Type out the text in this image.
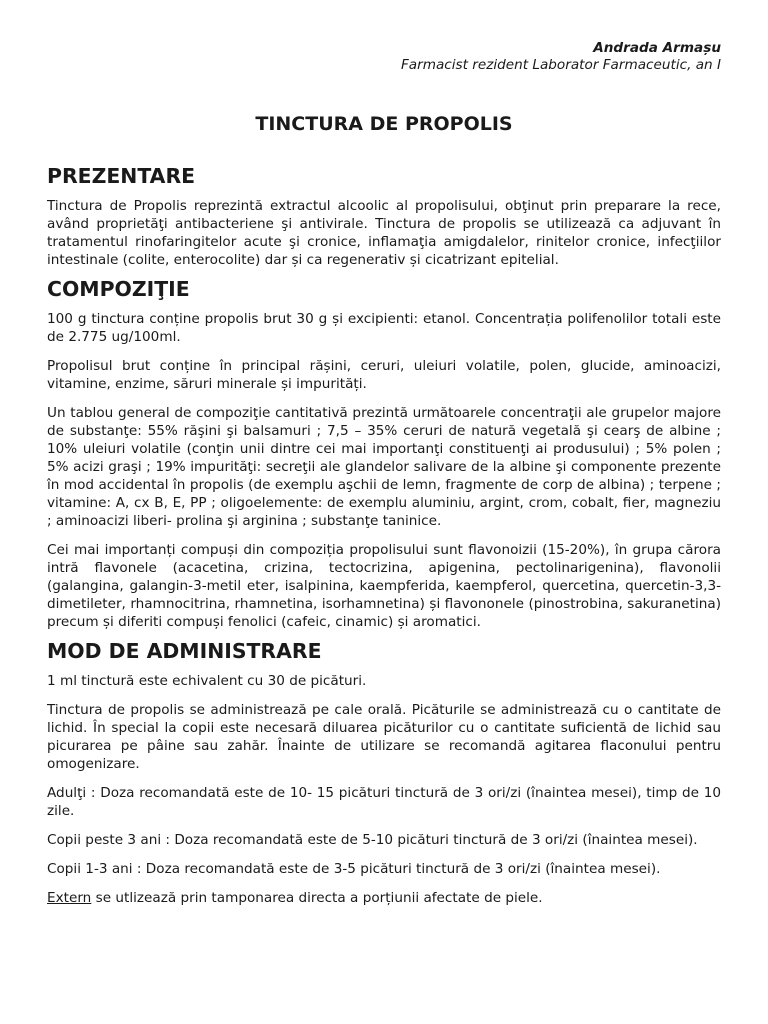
Andrada Armașu
Farmacist rezident Laborator Farmaceutic, an I
TINCTURA DE PROPOLIS
PREZENTARE

Tinctura de Propolis reprezintă extractul alcoolic al propolisului, obţinut prin preparare la rece, având proprietăţi antibacteriene şi antivirale. Tinctura de propolis se utilizează ca adjuvant în tratamentul rinofaringitelor acute şi cronice, inflamaţia amigdalelor, rinitelor cronice, infecţiilor intestinale (colite, enterocolite) dar și ca regenerativ și cicatrizant epitelial.

COMPOZIŢIE

100 g tinctura conține propolis brut 30 g și excipienti: etanol. Concentrația polifenolilor totali este de 2.775 ug/100ml.

Propolisul brut conține în principal rășini, ceruri, uleiuri volatile, polen, glucide, aminoacizi, vitamine, enzime, săruri minerale și impurități.

Un tablou general de compoziţie cantitativă prezintă următoarele concentraţii ale grupelor majore de substanţe: 55% răşini şi balsamuri ; 7,5 – 35% ceruri de natură vegetală şi cearş de albine ; 10% uleiuri volatile (conţin unii dintre cei mai importanţi constituenţi ai produsului) ; 5% polen ; 5% acizi graşi ; 19% impurităţi: secreţii ale glandelor salivare de la albine şi componente prezente în mod accidental în propolis (de exemplu aşchii de lemn, fragmente de corp de albina) ; terpene ; vitamine: A, cx B, E, PP ; oligoelemente: de exemplu aluminiu, argint, crom, cobalt, fier, magneziu ; aminoacizi liberi- prolina şi arginina ; substanţe taninice.

Cei mai importanți compuși din compoziția propolisului sunt flavonoizii (15-20%), în grupa cărora intră flavonele (acacetina, crizina, tectocrizina, apigenina, pectolinarigenina), flavonolii (galangina, galangin-3-metil eter, isalpinina, kaempferida, kaempferol, quercetina, quercetin-3,3-dimetileter, rhamnocitrina, rhamnetina, isorhamnetina) și flavononele (pinostrobina, sakuranetina) precum și diferiti compuși fenolici (cafeic, cinamic) și aromatici.

MOD DE ADMINISTRARE

1 ml tinctură este echivalent cu 30 de picături.

Tinctura de propolis se administrează pe cale orală. Picăturile se administrează cu o cantitate de lichid. În special la copii este necesară diluarea picăturilor cu o cantitate suficientă de lichid sau picurarea pe pâine sau zahăr. Înainte de utilizare se recomandă agitarea flaconului pentru omogenizare.

Adulţi : Doza recomandată este de 10- 15 picături tinctură de 3 ori/zi (înaintea mesei), timp de 10 zile.

Copii peste 3 ani : Doza recomandată este de 5-10 picături tinctură de 3 ori/zi (înaintea mesei).

Copii 1-3 ani : Doza recomandată este de 3-5 picături tinctură de 3 ori/zi (înaintea mesei).

Extern se utlizează prin tamponarea directa a porțiunii afectate de piele.
